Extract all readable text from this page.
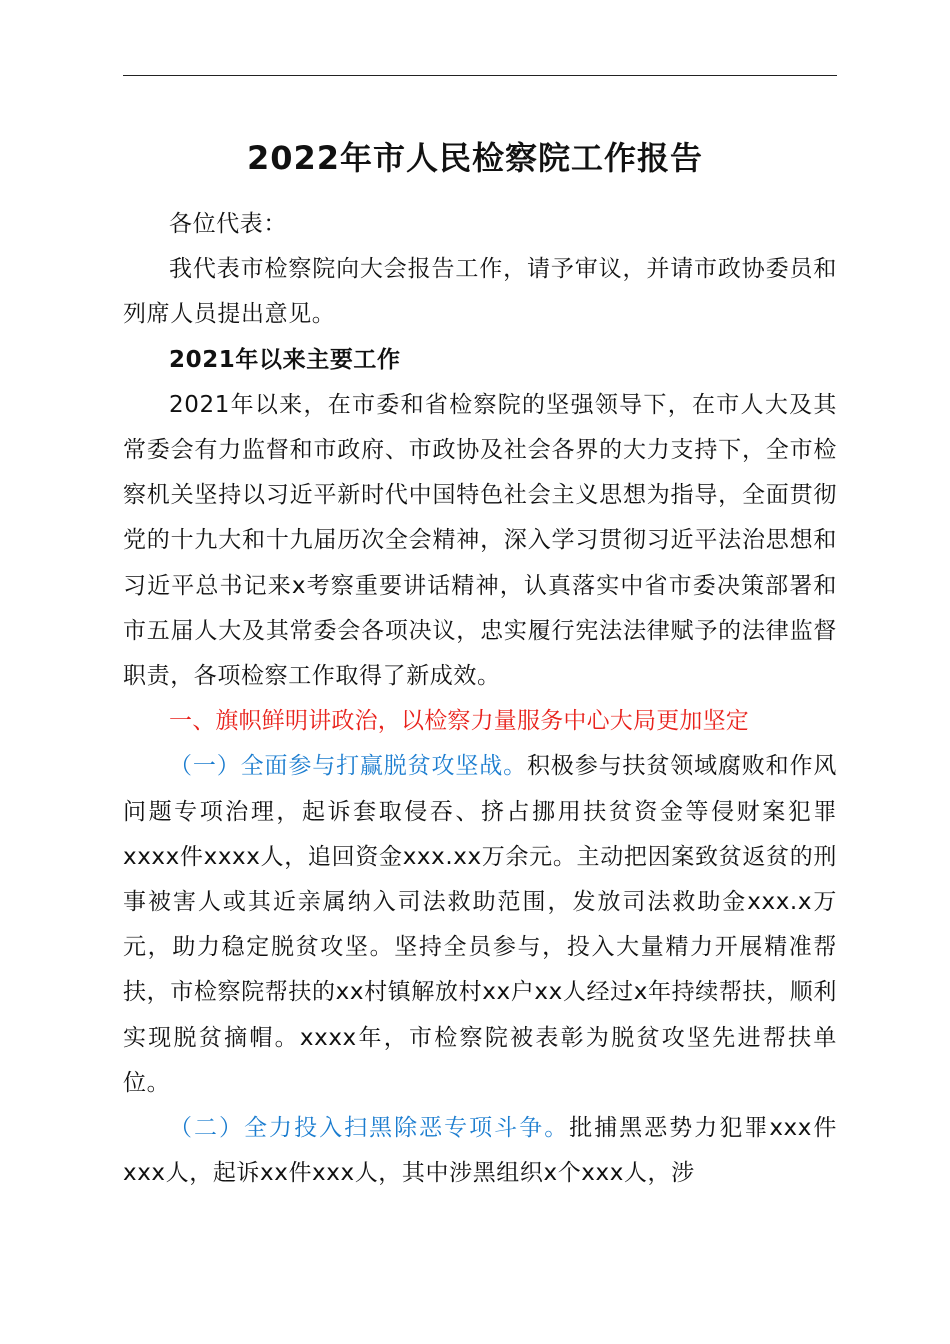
2022年市人民检察院工作报告

各位代表：

我代表市检察院向大会报告工作，请予审议，并请市政协委员和列席人员提出意见。

2021年以来主要工作

2021年以来，在市委和省检察院的坚强领导下，在市人大及其常委会有力监督和市政府、市政协及社会各界的大力支持下，全市检察机关坚持以习近平新时代中国特色社会主义思想为指导，全面贯彻党的十九大和十九届历次全会精神，深入学习贯彻习近平法治思想和习近平总书记来x考察重要讲话精神，认真落实中省市委决策部署和市五届人大及其常委会各项决议，忠实履行宪法法律赋予的法律监督职责，各项检察工作取得了新成效。

一、旗帜鲜明讲政治，以检察力量服务中心大局更加坚定

（一）全面参与打赢脱贫攻坚战。积极参与扶贫领域腐败和作风问题专项治理，起诉套取侵吞、挤占挪用扶贫资金等侵财案犯罪xxxx件xxxx人，追回资金xxx.xx万余元。主动把因案致贫返贫的刑事被害人或其近亲属纳入司法救助范围，发放司法救助金xxx.x万元，助力稳定脱贫攻坚。坚持全员参与，投入大量精力开展精准帮扶，市检察院帮扶的xx村镇解放村xx户xx人经过x年持续帮扶，顺利实现脱贫摘帽。xxxx年，市检察院被表彰为脱贫攻坚先进帮扶单位。

（二）全力投入扫黑除恶专项斗争。批捕黑恶势力犯罪xxx件xxx人，起诉xx件xxx人，其中涉黑组织x个xxx人，涉
